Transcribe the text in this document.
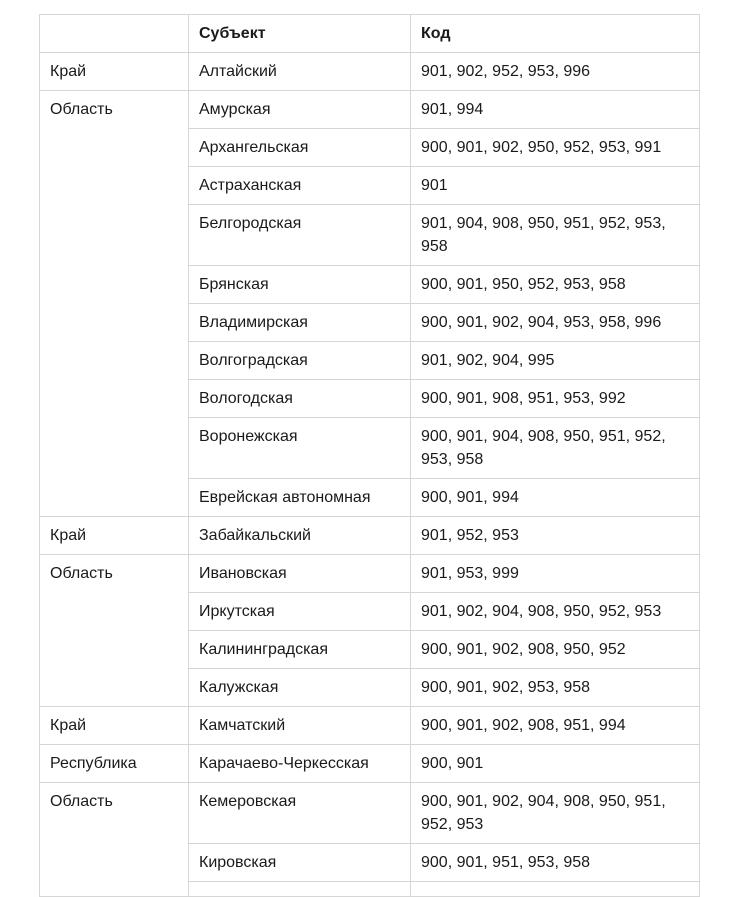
	Субъект	Код
Край	Алтайский	901, 902, 952, 953, 996
Область	Амурская	901, 994
	Архангельская	900, 901, 902, 950, 952, 953, 991
	Астраханская	901
	Белгородская	901, 904, 908, 950, 951, 952, 953, 958
	Брянская	900, 901, 950, 952, 953, 958
	Владимирская	900, 901, 902, 904, 953, 958, 996
	Волгоградская	901, 902, 904, 995
	Вологодская	900, 901, 908, 951, 953, 992
	Воронежская	900, 901, 904, 908, 950, 951, 952, 953, 958
	Еврейская автономная	900, 901, 994
Край	Забайкальский	901, 952, 953
Область	Ивановская	901, 953, 999
	Иркутская	901, 902, 904, 908, 950, 952, 953
	Калининградская	900, 901, 902, 908, 950, 952
	Калужская	900, 901, 902, 953, 958
Край	Камчатский	900, 901, 902, 908, 951, 994
Республика	Карачаево-Черкесская	900, 901
Область	Кемеровская	900, 901, 902, 904, 908, 950, 951, 952, 953
	Кировская	900, 901, 951, 953, 958
